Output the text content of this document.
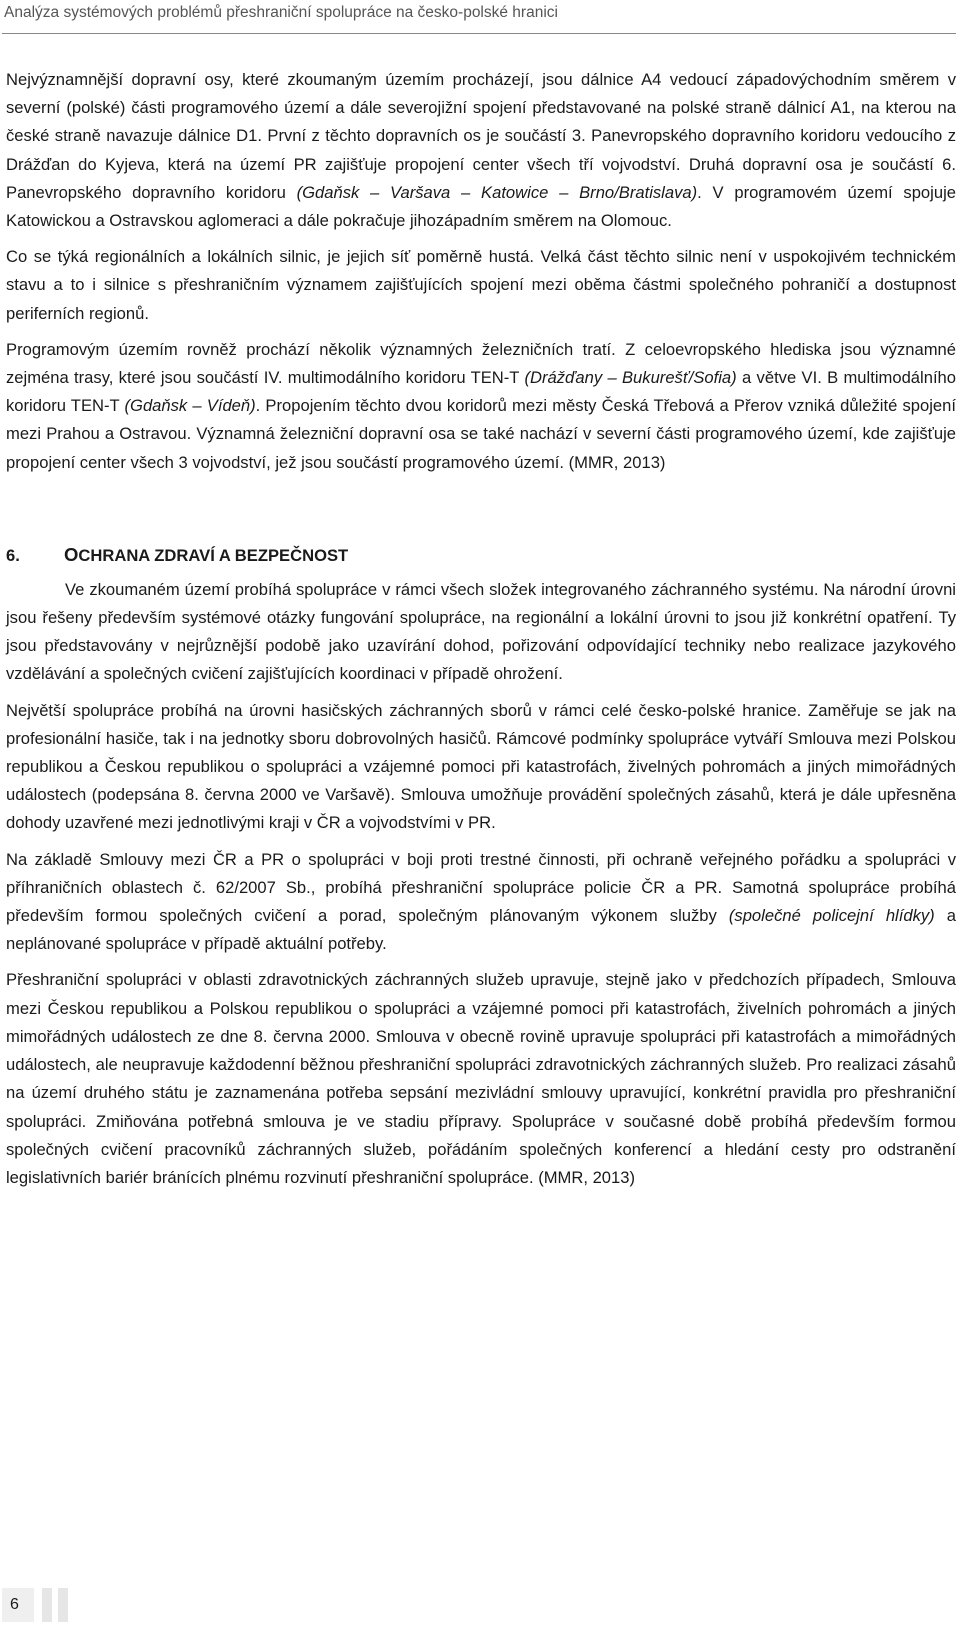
Analýza systémových problémů přeshraniční spolupráce na česko-polské hranici

Nejvýznamnější dopravní osy, které zkoumaným územím procházejí, jsou dálnice A4 vedoucí západovýchodním směrem v severní (polské) části programového území a dále severojižní spojení představované na polské straně dálnicí A1, na kterou na české straně navazuje dálnice D1. První z těchto dopravních os je součástí 3. Panevropského dopravního koridoru vedoucího z Drážďan do Kyjeva, která na území PR zajišťuje propojení center všech tří vojvodství. Druhá dopravní osa je součástí 6. Panevropského dopravního koridoru (Gdaňsk – Varšava – Katowice – Brno/Bratislava). V programovém území spojuje Katowickou a Ostravskou aglomeraci a dále pokračuje jihozápadním směrem na Olomouc.

Co se týká regionálních a lokálních silnic, je jejich síť poměrně hustá. Velká část těchto silnic není v uspokojivém technickém stavu a to i silnice s přeshraničním významem zajišťujících spojení mezi oběma částmi společného pohraničí a dostupnost periferních regionů.

Programovým územím rovněž prochází několik významných železničních tratí. Z celoevropského hlediska jsou významné zejména trasy, které jsou součástí IV. multimodálního koridoru TEN-T (Drážďany – Bukurešť/Sofia) a větve VI. B multimodálního koridoru TEN-T (Gdaňsk – Vídeň). Propojením těchto dvou koridorů mezi městy Česká Třebová a Přerov vzniká důležité spojení mezi Prahou a Ostravou. Významná železniční dopravní osa se také nachází v severní části programového území, kde zajišťuje propojení center všech 3 vojvodství, jež jsou součástí programového území. (MMR, 2013)

6. OCHRANA ZDRAVÍ A BEZPEČNOST

Ve zkoumaném území probíhá spolupráce v rámci všech složek integrovaného záchranného systému. Na národní úrovni jsou řešeny především systémové otázky fungování spolupráce, na regionální a lokální úrovni to jsou již konkrétní opatření. Ty jsou představovány v nejrůznější podobě jako uzavírání dohod, pořizování odpovídající techniky nebo realizace jazykového vzdělávání a společných cvičení zajišťujících koordinaci v případě ohrožení.

Největší spolupráce probíhá na úrovni hasičských záchranných sborů v rámci celé česko-polské hranice. Zaměřuje se jak na profesionální hasiče, tak i na jednotky sboru dobrovolných hasičů. Rámcové podmínky spolupráce vytváří Smlouva mezi Polskou republikou a Českou republikou o spolupráci a vzájemné pomoci při katastrofách, živelných pohromách a jiných mimořádných událostech (podepsána 8. června 2000 ve Varšavě). Smlouva umožňuje provádění společných zásahů, která je dále upřesněna dohody uzavřené mezi jednotlivými kraji v ČR a vojvodstvími v PR.

Na základě Smlouvy mezi ČR a PR o spolupráci v boji proti trestné činnosti, při ochraně veřejného pořádku a spolupráci v příhraničních oblastech č. 62/2007 Sb., probíhá přeshraniční spolupráce policie ČR a PR. Samotná spolupráce probíhá především formou společných cvičení a porad, společným plánovaným výkonem služby (společné policejní hlídky) a neplánované spolupráce v případě aktuální potřeby.

Přeshraniční spolupráci v oblasti zdravotnických záchranných služeb upravuje, stejně jako v předchozích případech, Smlouva mezi Českou republikou a Polskou republikou o spolupráci a vzájemné pomoci při katastrofách, živelních pohromách a jiných mimořádných událostech ze dne 8. června 2000. Smlouva v obecně rovině upravuje spolupráci při katastrofách a mimořádných událostech, ale neupravuje každodenní běžnou přeshraniční spolupráci zdravotnických záchranných služeb. Pro realizaci zásahů na území druhého státu je zaznamenána potřeba sepsání mezivládní smlouvy upravující, konkrétní pravidla pro přeshraniční spolupráci. Zmiňována potřebná smlouva je ve stadiu přípravy. Spolupráce v současné době probíhá především formou společných cvičení pracovníků záchranných služeb, pořádáním společných konferencí a hledání cesty pro odstranění legislativních bariér bránících plnému rozvinutí přeshraniční spolupráce. (MMR, 2013)

6
